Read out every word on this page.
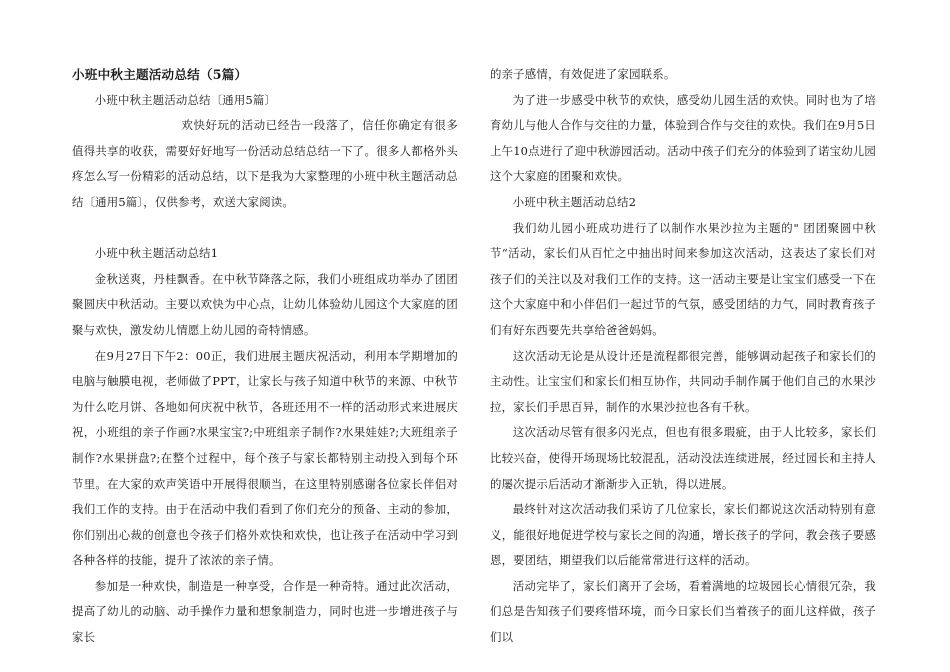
小班中秋主题活动总结（5篇）

小班中秋主题活动总结〔通用5篇〕

欢快好玩的活动已经告一段落了，信任你确定有很多值得共享的收获，需要好好地写一份活动总结总结一下了。很多人都格外头疼怎么写一份精彩的活动总结，以下是我为大家整理的小班中秋主题活动总结〔通用5篇〕，仅供参考，欢送大家阅读。

小班中秋主题活动总结1

金秋送爽，丹桂飘香。在中秋节降落之际，我们小班组成功举办了团团聚圆庆中秋活动。主要以欢快为中心点，让幼儿体验幼儿园这个大家庭的团聚与欢快，激发幼儿情愿上幼儿园的奇特情感。

在9月27日下午2：00正，我们进展主题庆祝活动，利用本学期增加的电脑与触膜电视，老师做了PPT，让家长与孩子知道中秋节的来源、中秋节为什么吃月饼、各地如何庆祝中秋节，各班还用不一样的活动形式来进展庆祝，小班组的亲子作画?水果宝宝?;中班组亲子制作?水果娃娃?;大班组亲子制作?水果拼盘?;在整个过程中，每个孩子与家长都特别主动投入到每个环节里。在大家的欢声笑语中开展得很顺当，在这里特别感谢各位家长伴侣对我们工作的支持。由于在活动中我们看到了你们充分的预备、主动的参加，你们别出心裁的创意也令孩子们格外欢快和欢快，也让孩子在活动中学习到各种各样的技能，提升了浓浓的亲子情。

参加是一种欢快，制造是一种享受，合作是一种奇特。通过此次活动，提高了幼儿的动脑、动手操作力量和想象制造力，同时也进一步增进孩子与家长

的亲子感情，有效促进了家园联系。

为了进一步感受中秋节的欢快，感受幼儿园生活的欢快。同时也为了培育幼儿与他人合作与交往的力量，体验到合作与交往的欢快。我们在9月5日上午10点进行了迎中秋游园活动。活动中孩子们充分的体验到了诺宝幼儿园这个大家庭的团聚和欢快。

小班中秋主题活动总结2

我们幼儿园小班成功进行了以制作水果沙拉为主题的" 团团聚圆中秋节“活动，家长们从百忙之中抽出时间来参加这次活动，这表达了家长们对孩子们的关注以及对我们工作的支持。这一活动主要是让宝宝们感受一下在这个大家庭中和小伴侣们一起过节的气氛，感受团结的力气，同时教育孩子们有好东西要先共享给爸爸妈妈。

这次活动无论是从设计还是流程都很完善，能够调动起孩子和家长们的主动性。让宝宝们和家长们相互协作，共同动手制作属于他们自己的水果沙拉，家长们手思百异，制作的水果沙拉也各有千秋。

这次活动尽管有很多闪光点，但也有很多瑕疵，由于人比较多，家长们比较兴奋，使得开场现场比较混乱，活动没法连续进展，经过园长和主持人的屡次提示后活动才渐渐步入正轨，得以进展。

最终针对这次活动我们采访了几位家长，家长们都说这次活动特别有意义，能很好地促进学校与家长之间的沟通，增长孩子的学问，教会孩子要感恩，要团结，期望我们以后能常常进行这样的活动。

活动完毕了，家长们离开了会场，看着满地的垃圾园长心情很冗杂，我们总是告知孩子们要疼惜环境，而今日家长们当着孩子的面儿这样做，孩子们以
